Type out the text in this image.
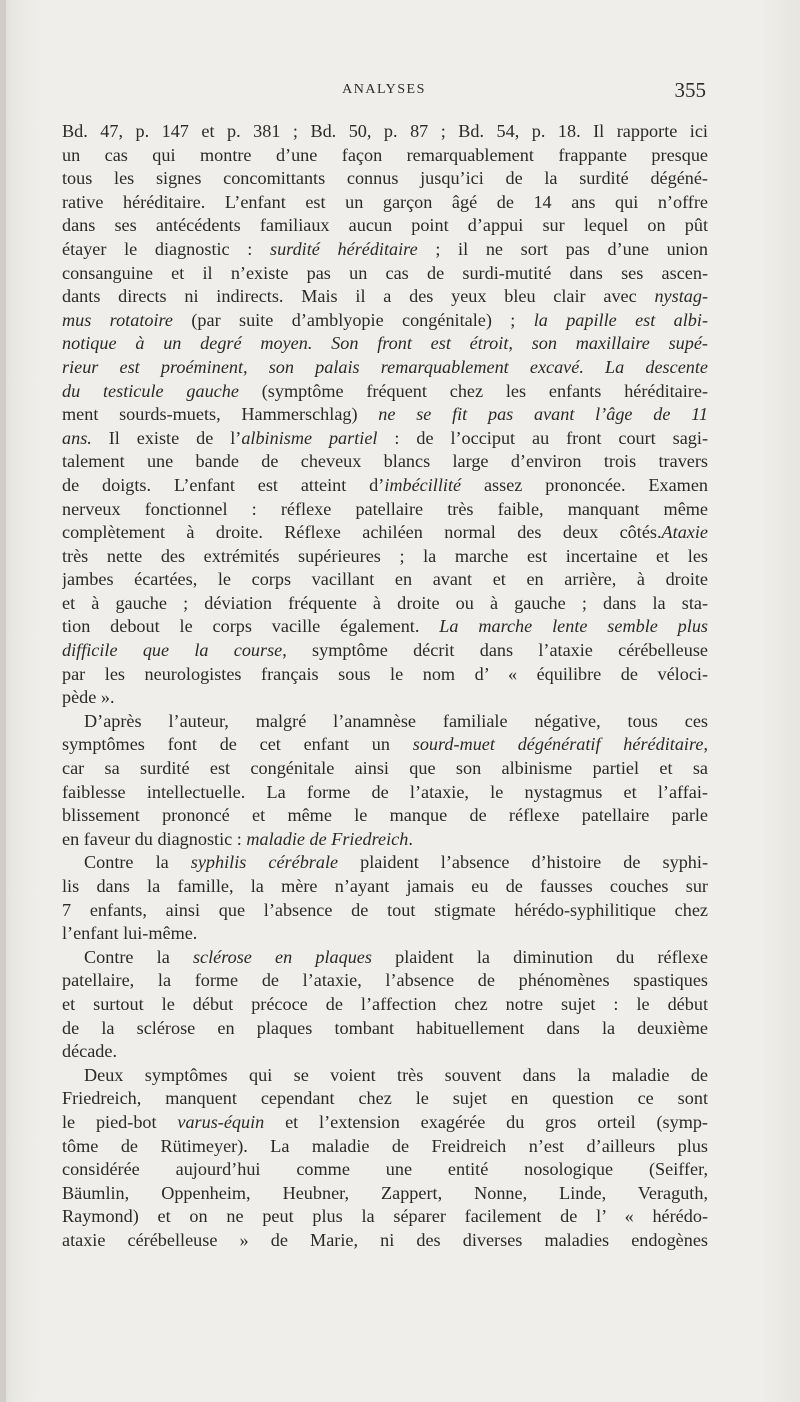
ANALYSES	355
Bd. 47, p. 147 et p. 381 ; Bd. 50, p. 87 ; Bd. 54, p. 18. Il rapporte ici
un cas qui montre d’une façon remarquablement frappante presque
tous les signes concomittants connus jusqu’ici de la surdité dégéné-
rative héréditaire. L’enfant est un garçon âgé de 14 ans qui n’offre
dans ses antécédents familiaux aucun point d’appui sur lequel on pût
étayer le diagnostic : surdité héréditaire ; il ne sort pas d’une union
consanguine et il n’existe pas un cas de surdi-mutité dans ses ascen-
dants directs ni indirects. Mais il a des yeux bleu clair avec nystag-
mus rotatoire (par suite d’amblyopie congénitale) ; la papille est albi-
notique à un degré moyen. Son front est étroit, son maxillaire supé-
rieur est proéminent, son palais remarquablement excavé. La descente
du testicule gauche (symptôme fréquent chez les enfants héréditaire-
ment sourds-muets, Hammerschlag) ne se fit pas avant l’âge de 11
ans. Il existe de l’albinisme partiel : de l’occiput au front court sagi-
talement une bande de cheveux blancs large d’environ trois travers
de doigts. L’enfant est atteint d’imbécillité assez prononcée. Examen
nerveux fonctionnel : réflexe patellaire très faible, manquant même
complètement à droite. Réflexe achiléen normal des deux côtés.Ataxie
très nette des extrémités supérieures ; la marche est incertaine et les
jambes écartées, le corps vacillant en avant et en arrière, à droite
et à gauche ; déviation fréquente à droite ou à gauche ; dans la sta-
tion debout le corps vacille également. La marche lente semble plus
difficile que la course, symptôme décrit dans l’ataxie cérébelleuse
par les neurologistes français sous le nom d’ « équilibre de véloci-
pède ».
D’après l’auteur, malgré l’anamnèse familiale négative, tous ces
symptômes font de cet enfant un sourd-muet dégénératif héréditaire,
car sa surdité est congénitale ainsi que son albinisme partiel et sa
faiblesse intellectuelle. La forme de l’ataxie, le nystagmus et l’affai-
blissement prononcé et même le manque de réflexe patellaire parle
en faveur du diagnostic : maladie de Friedreich.
Contre la syphilis cérébrale plaident l’absence d’histoire de syphi-
lis dans la famille, la mère n’ayant jamais eu de fausses couches sur
7 enfants, ainsi que l’absence de tout stigmate hérédo-syphilitique chez
l’enfant lui-même.
Contre la sclérose en plaques plaident la diminution du réflexe
patellaire, la forme de l’ataxie, l’absence de phénomènes spastiques
et surtout le début précoce de l’affection chez notre sujet : le début
de la sclérose en plaques tombant habituellement dans la deuxième
décade.
Deux symptômes qui se voient très souvent dans la maladie de
Friedreich, manquent cependant chez le sujet en question ce sont
le pied-bot varus-équin et l’extension exagérée du gros orteil (symp-
tôme de Rütimeyer). La maladie de Freidreich n’est d’ailleurs plus
considérée aujourd’hui comme une entité nosologique (Seiffer,
Bäumlin, Oppenheim, Heubner, Zappert, Nonne, Linde, Veraguth,
Raymond) et on ne peut plus la séparer facilement de l’ « hérédo-
ataxie cérébelleuse » de Marie, ni des diverses maladies endogènes
